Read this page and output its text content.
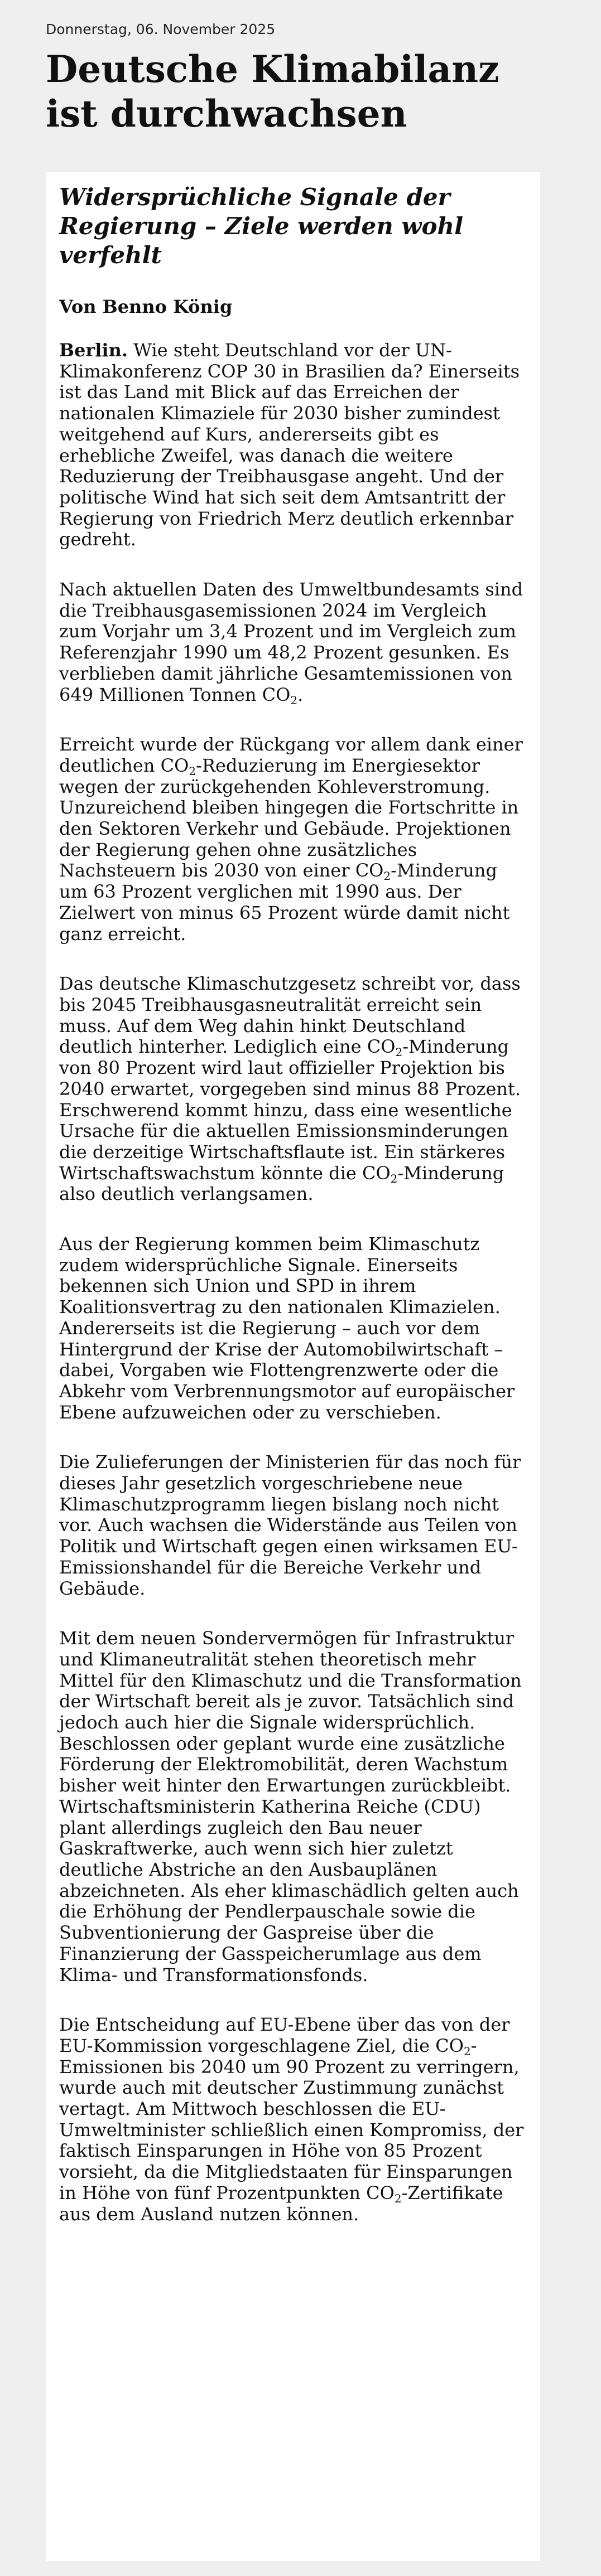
Donnerstag, 06. November 2025
Deutsche Klimabilanz ist durchwachsen
Widersprüchliche Signale der Regierung – Ziele werden wohl verfehlt

Von Benno König

Berlin. Wie steht Deutschland vor der UN-Klimakonferenz COP 30 in Brasilien da? Einerseits ist das Land mit Blick auf das Erreichen der nationalen Klimaziele für 2030 bisher zumindest weitgehend auf Kurs, andererseits gibt es erhebliche Zweifel, was danach die weitere Reduzierung der Treibhausgase angeht. Und der politische Wind hat sich seit dem Amtsantritt der Regierung von Friedrich Merz deutlich erkennbar gedreht.

Nach aktuellen Daten des Umweltbundesamts sind die Treibhausgasemissionen 2024 im Vergleich zum Vorjahr um 3,4 Prozent und im Vergleich zum Referenzjahr 1990 um 48,2 Prozent gesunken. Es verblieben damit jährliche Gesamtemissionen von 649 Millionen Tonnen $CO_2$.

Erreicht wurde der Rückgang vor allem dank einer deutlichen $CO_2$-Reduzierung im Energiesektor wegen der zurückgehenden Kohleverstromung. Unzureichend bleiben hingegen die Fortschritte in den Sektoren Verkehr und Gebäude. Projektionen der Regierung gehen ohne zusätzliches Nachsteuern bis 2030 von einer $CO_2$-Minderung um 63 Prozent verglichen mit 1990 aus. Der Zielwert von minus 65 Prozent würde damit nicht ganz erreicht.

Das deutsche Klimaschutzgesetz schreibt vor, dass bis 2045 Treibhausgasneutralität erreicht sein muss. Auf dem Weg dahin hinkt Deutschland deutlich hinterher. Lediglich eine $CO_2$-Minderung von 80 Prozent wird laut offizieller Projektion bis 2040 erwartet, vorgegeben sind minus 88 Prozent. Erschwerend kommt hinzu, dass eine wesentliche Ursache für die aktuellen Emissionsminderungen die derzeitige Wirtschaftsflaute ist. Ein stärkeres Wirtschaftswachstum könnte die $CO_2$-Minderung also deutlich verlangsamen.

Aus der Regierung kommen beim Klimaschutz zudem widersprüchliche Signale. Einerseits bekennen sich Union und SPD in ihrem Koalitionsvertrag zu den nationalen Klimazielen. Andererseits ist die Regierung – auch vor dem Hintergrund der Krise der Automobilwirtschaft – dabei, Vorgaben wie Flottengrenzwerte oder die Abkehr vom Verbrennungsmotor auf europäischer Ebene aufzuweichen oder zu verschieben.

Die Zulieferungen der Ministerien für das noch für dieses Jahr gesetzlich vorgeschriebene neue Klimaschutzprogramm liegen bislang noch nicht vor. Auch wachsen die Widerstände aus Teilen von Politik und Wirtschaft gegen einen wirksamen EU-Emissionshandel für die Bereiche Verkehr und Gebäude.

Mit dem neuen Sondervermögen für Infrastruktur und Klimaneutralität stehen theoretisch mehr Mittel für den Klimaschutz und die Transformation der Wirtschaft bereit als je zuvor. Tatsächlich sind jedoch auch hier die Signale widersprüchlich. Beschlossen oder geplant wurde eine zusätzliche Förderung der Elektromobilität, deren Wachstum bisher weit hinter den Erwartungen zurückbleibt. Wirtschaftsministerin Katherina Reiche (CDU) plant allerdings zugleich den Bau neuer Gaskraftwerke, auch wenn sich hier zuletzt deutliche Abstriche an den Ausbauplänen abzeichneten. Als eher klimaschädlich gelten auch die Erhöhung der Pendlerpauschale sowie die Subventionierung der Gaspreise über die Finanzierung der Gasspeicherumlage aus dem Klima- und Transformationsfonds.

Die Entscheidung auf EU-Ebene über das von der EU-Kommission vorgeschlagene Ziel, die $CO_2$-Emissionen bis 2040 um 90 Prozent zu verringern, wurde auch mit deutscher Zustimmung zunächst vertagt. Am Mittwoch beschlossen die EU-Umweltminister schließlich einen Kompromiss, der faktisch Einsparungen in Höhe von 85 Prozent vorsieht, da die Mitgliedstaaten für Einsparungen in Höhe von fünf Prozentpunkten $CO_2$-Zertifikate aus dem Ausland nutzen können.
